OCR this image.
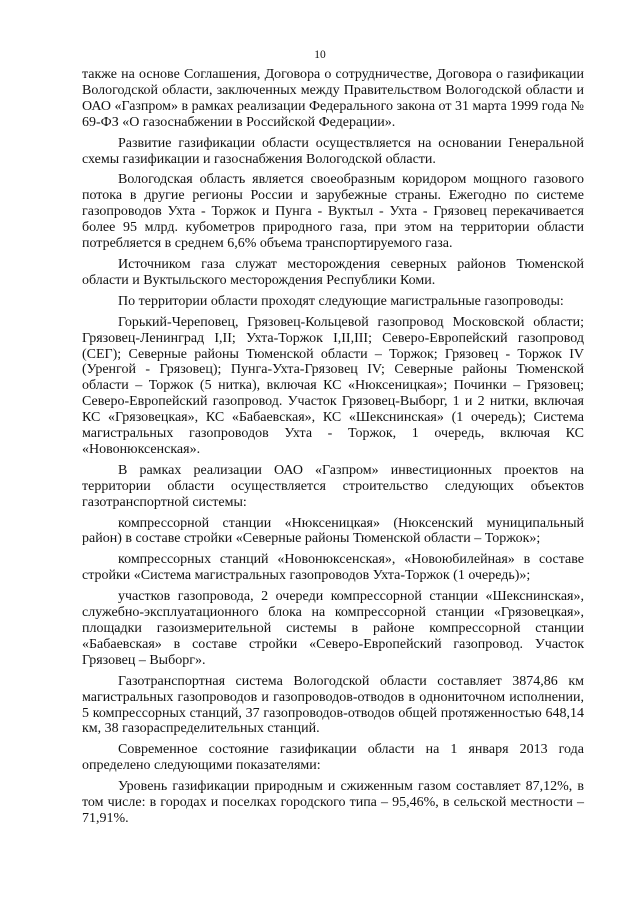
10

также на основе Соглашения, Договора о сотрудничестве, Договора о газификации Вологодской области, заключенных между Правительством Вологодской области и ОАО «Газпром» в рамках реализации Федерального закона от 31 марта 1999 года № 69-ФЗ «О газоснабжении в Российской Федерации».

Развитие газификации области осуществляется на основании Генеральной схемы газификации и газоснабжения Вологодской области.

Вологодская область является своеобразным коридором мощного газового потока в другие регионы России и зарубежные страны. Ежегодно по системе газопроводов Ухта - Торжок и Пунга - Вуктыл - Ухта - Грязовец перекачивается более 95 млрд. кубометров природного газа, при этом на территории области потребляется в среднем 6,6% объема транспортируемого газа.

Источником газа служат месторождения северных районов Тюменской области и Вуктыльского месторождения Республики Коми.

По территории области проходят следующие магистральные газопроводы:

Горький-Череповец, Грязовец-Кольцевой газопровод Московской области; Грязовец-Ленинград I,II; Ухта-Торжок I,II,III; Северо-Европейский газопровод (СЕГ); Северные районы Тюменской области – Торжок; Грязовец - Торжок IV (Уренгой - Грязовец); Пунга-Ухта-Грязовец IV; Северные районы Тюменской области – Торжок (5 нитка), включая КС «Нюксеницкая»; Починки – Грязовец; Северо-Европейский газопровод. Участок Грязовец-Выборг, 1 и 2 нитки, включая КС «Грязовецкая», КС «Бабаевская», КС «Шекснинская» (1 очередь); Система магистральных газопроводов Ухта - Торжок, 1 очередь, включая КС «Новонюксенская».

В рамках реализации ОАО «Газпром» инвестиционных проектов на территории области осуществляется строительство следующих объектов газотранспортной системы:

компрессорной станции «Нюксеницкая» (Нюксенский муниципальный район) в составе стройки «Северные районы Тюменской области – Торжок»;

компрессорных станций «Новонюксенская», «Новоюбилейная» в составе стройки «Система магистральных газопроводов Ухта-Торжок (1 очередь)»;

участков газопровода, 2 очереди компрессорной станции «Шекснинская», служебно-эксплуатационного блока на компрессорной станции «Грязовецкая», площадки газоизмерительной системы в районе компрессорной станции «Бабаевская» в составе стройки «Северо-Европейский газопровод. Участок Грязовец – Выборг».

Газотранспортная система Вологодской области составляет 3874,86 км магистральных газопроводов и газопроводов-отводов в однониточном исполнении, 5 компрессорных станций, 37 газопроводов-отводов общей протяженностью 648,14 км, 38 газораспределительных станций.

Современное состояние газификации области на 1 января 2013 года определено следующими показателями:

Уровень газификации природным и сжиженным газом составляет 87,12%, в том числе: в городах и поселках городского типа – 95,46%, в сельской местности – 71,91%.
